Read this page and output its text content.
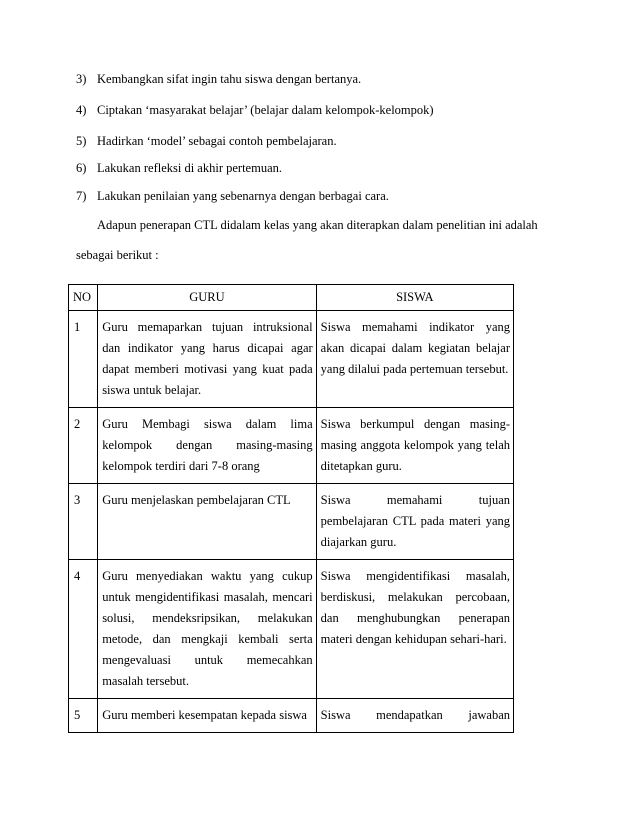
3) Kembangkan sifat ingin tahu siswa dengan bertanya.
4) Ciptakan ‘masyarakat belajar’ (belajar dalam kelompok-kelompok)
5) Hadirkan ‘model’ sebagai contoh pembelajaran.
6) Lakukan refleksi di akhir pertemuan.
7) Lakukan penilaian yang sebenarnya dengan berbagai cara.
Adapun penerapan CTL didalam kelas yang akan diterapkan dalam penelitian ini adalah
sebagai berikut :
NO	GURU	SISWA

1	Guru memaparkan tujuan intruksional dan indikator yang harus dicapai agar dapat memberi motivasi yang kuat pada siswa untuk belajar.	Siswa memahami indikator yang akan dicapai dalam kegiatan belajar yang dilalui pada pertemuan tersebut.

2	Guru Membagi siswa dalam lima kelompok dengan masing-masing kelompok terdiri dari 7-8 orang	Siswa berkumpul dengan masing-masing anggota kelompok yang telah ditetapkan guru.

3	Guru menjelaskan pembelajaran CTL	Siswa memahami tujuan pembelajaran CTL pada materi yang diajarkan guru.

4	Guru menyediakan waktu yang cukup untuk mengidentifikasi masalah, mencari solusi, mendeksripsikan, melakukan metode, dan mengkaji kembali serta mengevaluasi untuk memecahkan masalah tersebut.	Siswa mengidentifikasi masalah, berdiskusi, melakukan percobaan, dan menghubungkan penerapan materi dengan kehidupan sehari-hari.

5	Guru memberi kesempatan kepada siswa	Siswa mendapatkan jawaban
